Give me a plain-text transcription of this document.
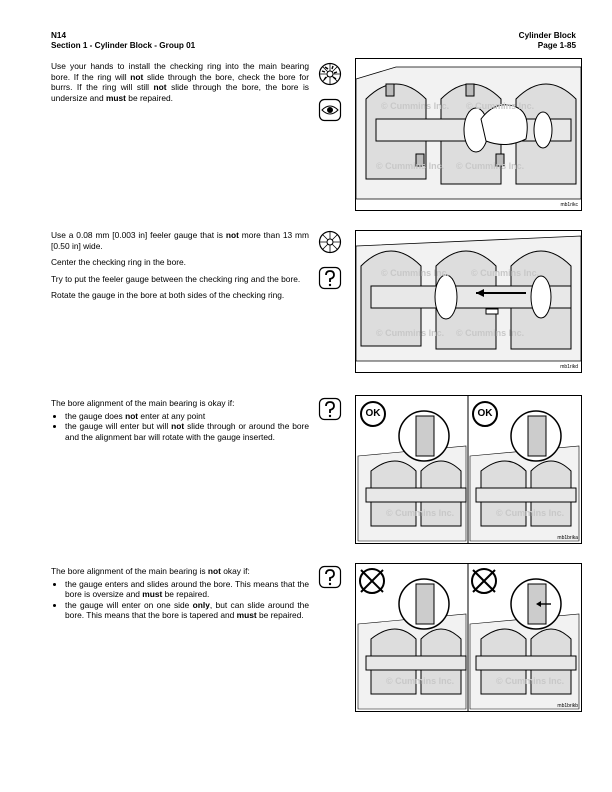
N14
Section 1 - Cylinder Block - Group 01
Cylinder Block
Page 1-85

Use your hands to install the checking ring into the main bearing bore. If the ring will not slide through the bore, check the bore for burrs. If the ring will still not slide through the bore, the bore is undersize and must be repaired.

© Cummins Inc. © Cummins Inc.
© Cummins Inc. © Cummins Inc.
mb1rikc

Use a 0.08 mm [0.003 in] feeler gauge that is not more than 13 mm [0.50 in] wide.

Center the checking ring in the bore.

Try to put the feeler gauge between the checking ring and the bore.

Rotate the gauge in the bore at both sides of the checking ring.

© Cummins Inc. © Cummins Inc.
© Cummins Inc. © Cummins Inc.
mb1rikd

The bore alignment of the main bearing is okay if:

• the gauge does not enter at any point
• the gauge will enter but will not slide through or around the bore and the alignment bar will rotate with the gauge inserted.
© Cummins Inc.	© Cummins Inc.
OK	OK
mb1brika

The bore alignment of the main bearing is not okay if:

• the gauge enters and slides around the bore. This means that the bore is oversize and must be repaired.
• the gauge will enter on one side only, but can slide around the bore. This means that the bore is tapered and must be repaired.
© Cummins Inc.	© Cummins Inc.
mb1brikb
